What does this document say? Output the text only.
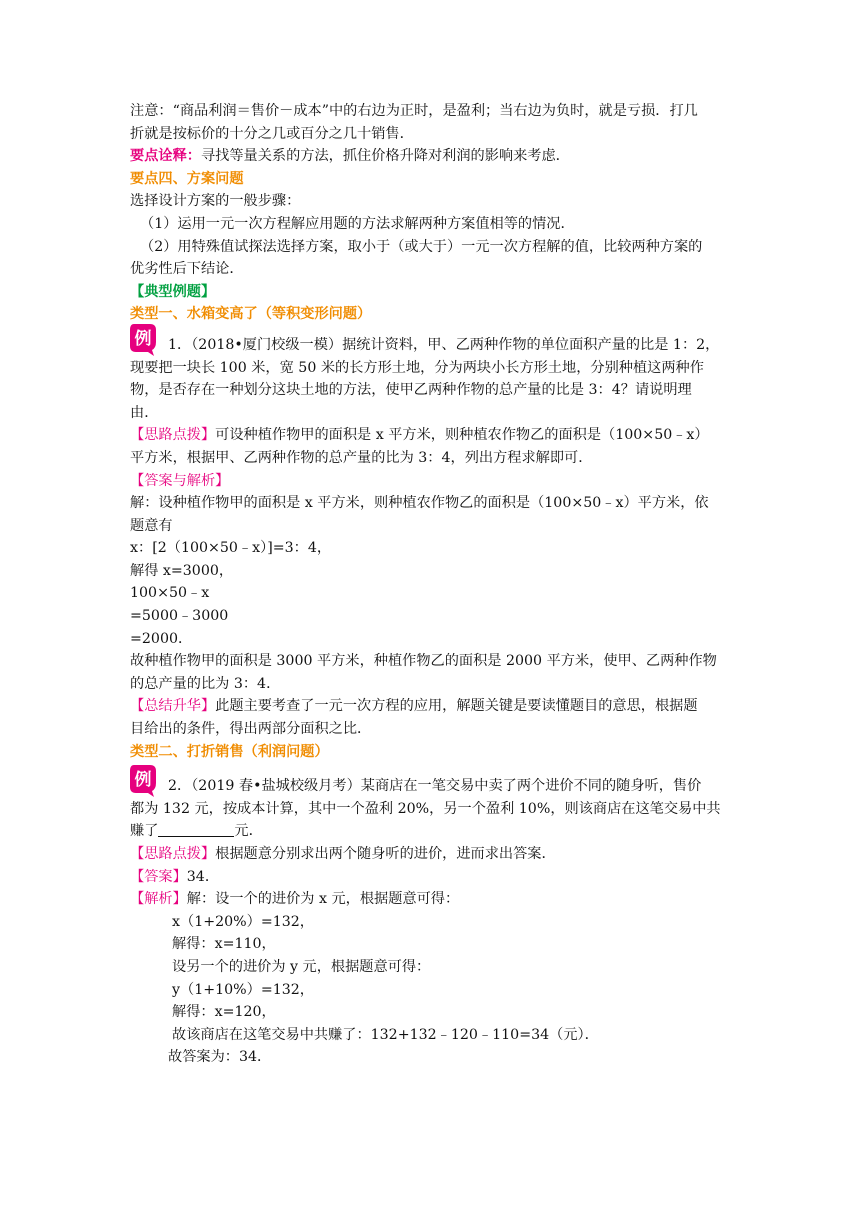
注意：“商品利润＝售价－成本”中的右边为正时，是盈利；当右边为负时，就是亏损．打几

折就是按标价的十分之几或百分之几十销售．

要点诠释：寻找等量关系的方法，抓住价格升降对利润的影响来考虑．

要点四、方案问题

选择设计方案的一般步骤：

（1）运用一元一次方程解应用题的方法求解两种方案值相等的情况．

（2）用特殊值试探法选择方案，取小于（或大于）一元一次方程解的值，比较两种方案的

优劣性后下结论．

【典型例题】

类型一、水箱变高了（等积变形问题）

例	1．（2018•厦门校级一模）据统计资料，甲、乙两种作物的单位面积产量的比是 1：2，

现要把一块长 100 米，宽 50 米的长方形土地，分为两块小长方形土地，分别种植这两种作

物，是否存在一种划分这块土地的方法，使甲乙两种作物的总产量的比是 3：4？请说明理

由．

【思路点拨】可设种植作物甲的面积是 x 平方米，则种植农作物乙的面积是（100×50﹣x）

平方米，根据甲、乙两种作物的总产量的比为 3：4，列出方程求解即可．

【答案与解析】

解：设种植作物甲的面积是 x 平方米，则种植农作物乙的面积是（100×50﹣x）平方米，依

题意有

x：[2（100×50﹣x）]=3：4，

解得 x=3000，

100×50﹣x

=5000﹣3000

=2000．

故种植作物甲的面积是 3000 平方米，种植作物乙的面积是 2000 平方米，使甲、乙两种作物

的总产量的比为 3：4．

【总结升华】此题主要考查了一元一次方程的应用，解题关键是要读懂题目的意思，根据题

目给出的条件，得出两部分面积之比．

类型二、打折销售（利润问题）

例	2．（2019 春•盐城校级月考）某商店在一笔交易中卖了两个进价不同的随身听，售价

都为 132 元，按成本计算，其中一个盈利 20%，另一个盈利 10%，则该商店在这笔交易中共

赚了	元．

【思路点拨】根据题意分别求出两个随身听的进价，进而求出答案．

【答案】34．

【解析】解：设一个的进价为 x 元，根据题意可得：

x（1+20%）=132，

解得：x=110，

设另一个的进价为 y 元，根据题意可得：

y（1+10%）=132，

解得：x=120，

故该商店在这笔交易中共赚了：132+132﹣120﹣110=34（元）．

故答案为：34．
